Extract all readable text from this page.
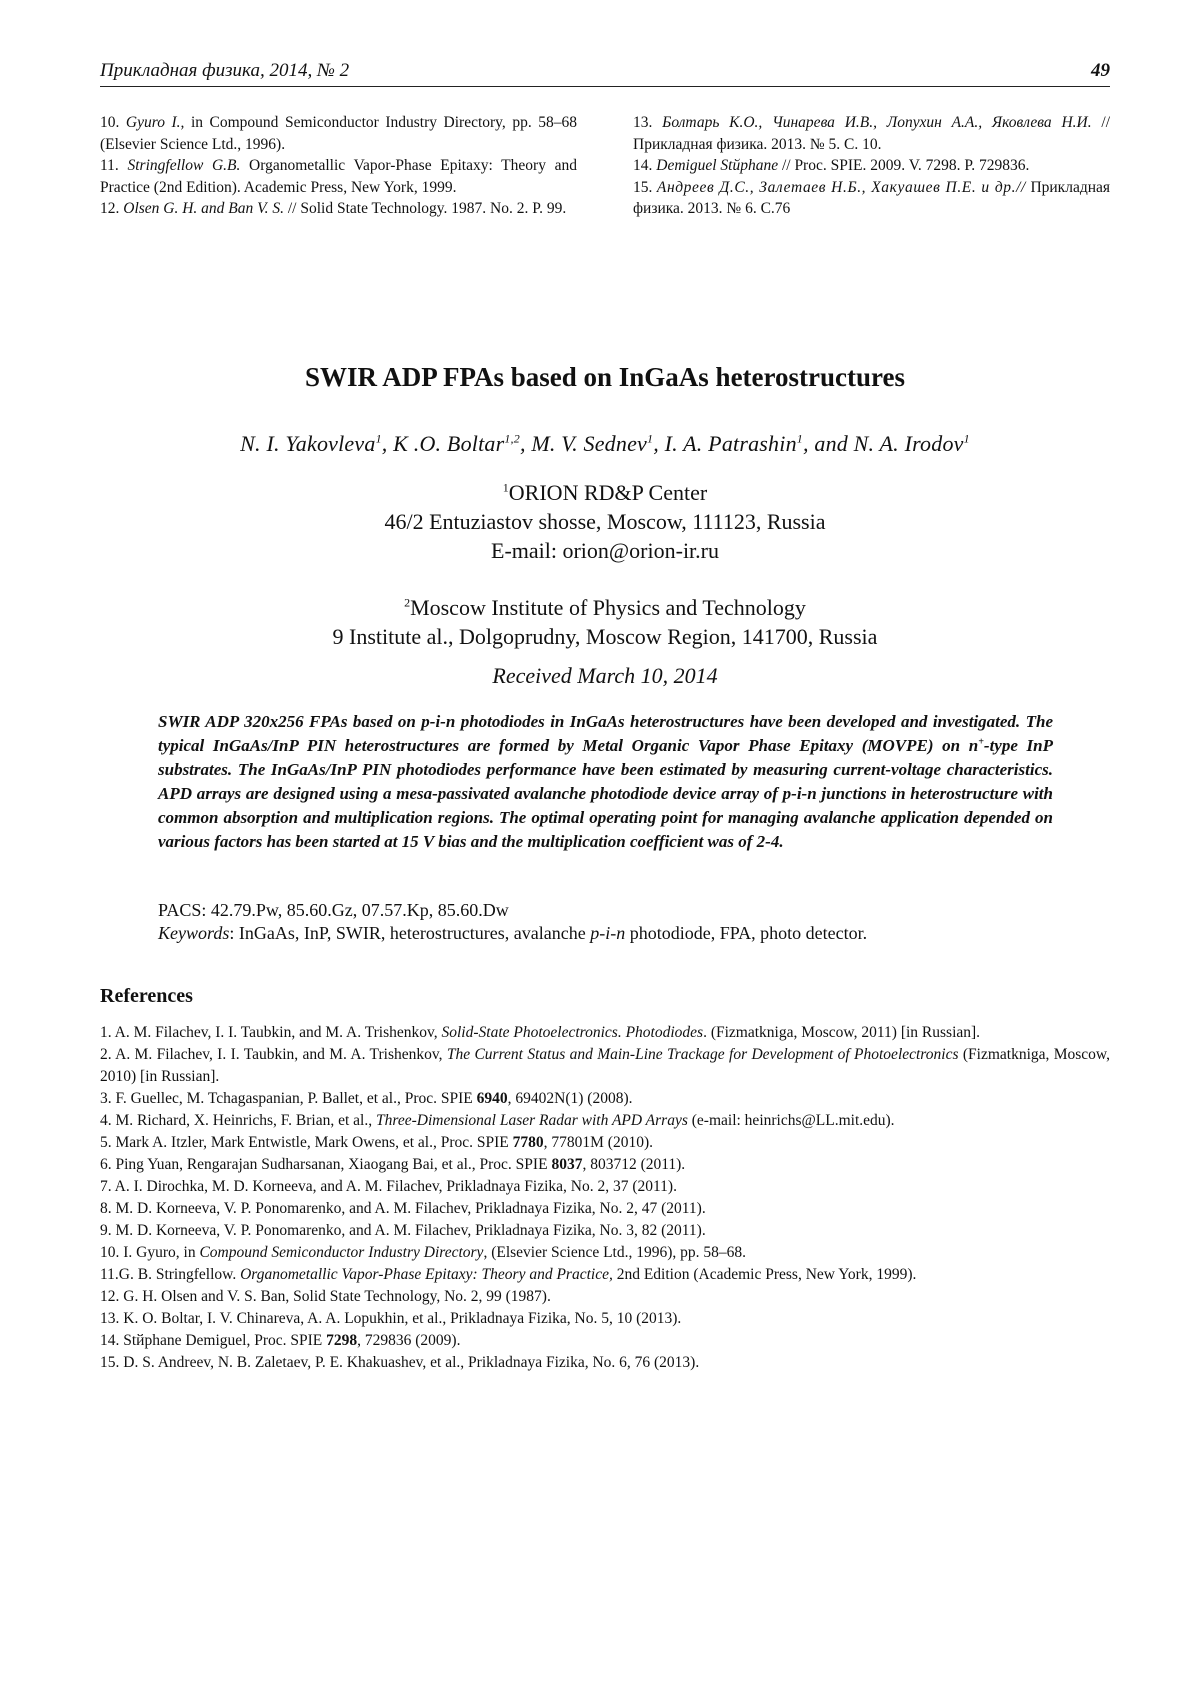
Прикладная физика, 2014, № 2	49

10. Gyuro I., in Compound Semiconductor Industry Directory, pp. 58–68 (Elsevier Science Ltd., 1996).

11. Stringfellow G.B. Organometallic Vapor-Phase Epitaxy: Theory and Practice (2nd Edition). Academic Press, New York, 1999.

12. Olsen G. H. and Ban V. S. // Solid State Technology. 1987. No. 2. P. 99.

13. Болтарь К.О., Чинарева И.В., Лопухин А.А., Яковлева Н.И. // Прикладная физика. 2013. № 5. С. 10.

14. Demiguel Stйphane // Proc. SPIE. 2009. V. 7298. P. 729836.

15. Андреев Д.С., Залетаев Н.Б., Хакуашев П.Е. и др.// Прикладная физика. 2013. № 6. С.76

SWIR ADP FPAs based on InGaAs heterostructures
N. I. Yakovleva$^1$, K .O. Boltar$^{1,2}$, M. V. Sednev$^1$, I. A. Patrashin$^1$, and N. A. Irodov$^1$
$^1$ORION RD&P Center
46/2 Entuziastov shosse, Moscow, 111123, Russia
E-mail: orion@orion-ir.ru
$^2$Moscow Institute of Physics and Technology
9 Institute al., Dolgoprudny, Moscow Region, 141700, Russia
Received March 10, 2014
SWIR ADP 320x256 FPAs based on p-i-n photodiodes in InGaAs heterostructures have been developed and investigated. The typical InGaAs/InP PIN heterostructures are formed by Metal Organic Vapor Phase Epitaxy (MOVPE) on n+-type InP substrates. The InGaAs/InP PIN photodiodes performance have been estimated by measuring current-voltage characteristics. APD arrays are designed using a mesa-passivated avalanche photodiode device array of p-i-n junctions in heterostructure with common absorption and multiplication regions. The optimal operating point for managing avalanche application depended on various factors has been started at 15 V bias and the multiplication coefficient was of 2-4.

PACS: 42.79.Pw, 85.60.Gz, 07.57.Kp, 85.60.Dw

Keywords: InGaAs, InP, SWIR, heterostructures, avalanche p-i-n photodiode, FPA, photo detector.

References

1. A. M. Filachev, I. I. Taubkin, and M. A. Trishenkov, Solid-State Photoelectronics. Photodiodes. (Fizmatkniga, Moscow, 2011) [in Russian].

2. A. M. Filachev, I. I. Taubkin, and M. A. Trishenkov, The Current Status and Main-Line Trackage for Development of Photoelectronics (Fizmatkniga, Moscow, 2010) [in Russian].

3. F. Guellec, M. Tchagaspanian, P. Ballet, et al., Proc. SPIE 6940, 69402N(1) (2008).

4. M. Richard, X. Heinrichs, F. Brian, et al., Three-Dimensional Laser Radar with APD Arrays (e-mail: heinrichs@LL.mit.edu).

5. Mark A. Itzler, Mark Entwistle, Mark Owens, et al., Proc. SPIE 7780, 77801M (2010).

6. Ping Yuan, Rengarajan Sudharsanan, Xiaogang Bai, et al., Proc. SPIE 8037, 803712 (2011).

7. A. I. Dirochka, M. D. Korneeva, and A. M. Filachev, Prikladnaya Fizika, No. 2, 37 (2011).

8. M. D. Korneeva, V. P. Ponomarenko, and A. M. Filachev, Prikladnaya Fizika, No. 2, 47 (2011).

9. M. D. Korneeva, V. P. Ponomarenko, and A. M. Filachev, Prikladnaya Fizika, No. 3, 82 (2011).

10. I. Gyuro, in Compound Semiconductor Industry Directory, (Elsevier Science Ltd., 1996), pp. 58–68.

11.G. B. Stringfellow. Organometallic Vapor-Phase Epitaxy: Theory and Practice, 2nd Edition (Academic Press, New York, 1999).

12. G. H. Olsen and V. S. Ban, Solid State Technology, No. 2, 99 (1987).

13. K. O. Boltar, I. V. Chinareva, A. A. Lopukhin, et al., Prikladnaya Fizika, No. 5, 10 (2013).

14. Stйphane Demiguel, Proc. SPIE 7298, 729836 (2009).

15. D. S. Andreev, N. B. Zaletaev, P. E. Khakuashev, et al., Prikladnaya Fizika, No. 6, 76 (2013).
